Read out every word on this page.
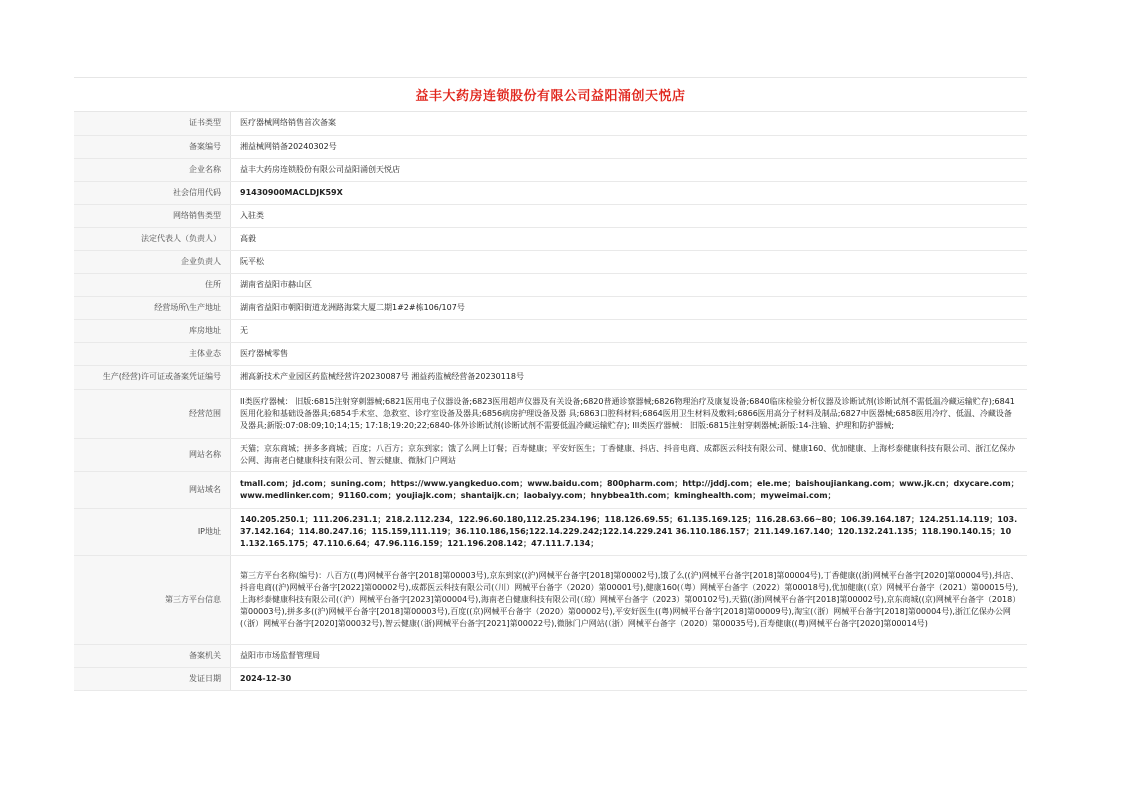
益丰大药房连锁股份有限公司益阳涌创天悦店
证书类型	医疗器械网络销售首次备案
备案编号	湘益械网销备20240302号
企业名称	益丰大药房连锁股份有限公司益阳涌创天悦店
社会信用代码	91430900MACLDJK59X
网络销售类型	入驻类
法定代表人（负责人）	高毅
企业负责人	阮平松
住所	湖南省益阳市赫山区
经营场所\生产地址	湖南省益阳市朝阳街道龙洲路海棠大厦二期1#2#栋106/107号
库房地址	无
主体业态	医疗器械零售
生产(经营)许可证或备案凭证编号	湘高新技术产业园区药监械经营许20230087号 湘益药监械经营备20230118号
经营范围	II类医疗器械： 旧版:6815注射穿刺器械;6821医用电子仪器设备;6823医用超声仪器及有关设备;6820普通诊察器械;6826物理治疗及康复设备;6840临床检验分析仪器及诊断试剂(诊断试剂不需低温冷藏运输贮存);6841医用化验和基础设备器具;6854手术室、急救室、诊疗室设备及器具;6856病房护理设备及器 具;6863口腔科材料;6864医用卫生材料及敷料;6866医用高分子材料及制品;6827中医器械;6858医用冷疗、低温、冷藏设备及器具;新版:07:08:09;10;14;15; 17:18;19:20;22;6840-体外诊断试剂(诊断试剂不需要低温冷藏运输贮存); III类医疗器械： 旧版:6815注射穿刺器械;新版:14-注输、护理和防护器械;
网站名称	天猫；京东商城；拼多多商城；百度；八百方；京东到家；饿了么网上订餐；百寿健康；平安好医生；丁香健康、抖店、抖音电商、成都医云科技有限公司、健康160、优加健康、上海杉泰健康科技有限公司、浙江亿保办公网、海南老白健康科技有限公司、智云健康、微脉门户网站
网站域名	tmall.com；jd.com；suning.com；https://www.yangkeduo.com；www.baidu.com；800pharm.com；http://jddj.com；ele.me；baishoujiankang.com；www.jk.cn；dxycare.com；www.medlinker.com；91160.com；youjiajk.com；shantaijk.cn；laobaiyy.com；hnybbea1th.com；kminghealth.com；myweimai.com；
IP地址	140.205.250.1；111.206.231.1；218.2.112.234，122.96.60.180,112.25.234.196；118.126.69.55；61.135.169.125；116.28.63.66~80；106.39.164.187；124.251.14.119；103.37.142.164；114.80.247.16；115.159,111.119；36.110.186,156;122.14.229.242;122.14.229.241 36.110.186.157；211.149.167.140；120.132.241.135；118.190.140.15；101.132.165.175；47.110.6.64；47.96.116.159；121.196.208.142；47.111.7.134；
第三方平台信息	第三方平台名称(编号)：八百方((粤)网械平台备字[2018]第00003号),京东到家((沪)网械平台备字[2018]第00002号),饿了么((沪)网械平台备字[2018]第00004号),丁香健康((浙)网械平台备字[2020]第00004号),抖店、抖音电商((沪)网械平台备字[2022]第00002号),成都医云科技有限公司(（川）网械平台备字（2020）第00001号),健康160(（粤）网械平台备字（2022）第00018号),优加健康(（京）网械平台备字（2021）第00015号),上海杉泰健康科技有限公司(（沪）网械平台备字[2023]第00004号),海南老白健康科技有限公司(（琼）网械平台备字（2023）第00102号),天猫((浙)网械平台备字[2018]第00002号),京东商城((京)网械平台备字（2018）第00003号),拼多多((沪)网械平台备字[2018]第00003号),百度((京)网械平台备字（2020）第00002号),平安好医生((粤)网械平台备字[2018]第00009号),淘宝(（浙）网械平台备字[2018]第00004号),浙江亿保办公网(（浙）网械平台备字[2020]第00032号),智云健康(（浙)网械平台备字[2021]第00022号),微脉门户网站(（浙）网械平台备字（2020）第00035号),百寿健康((粤)网械平台备字[2020]第00014号)
备案机关	益阳市市场监督管理局
发证日期	2024-12-30
